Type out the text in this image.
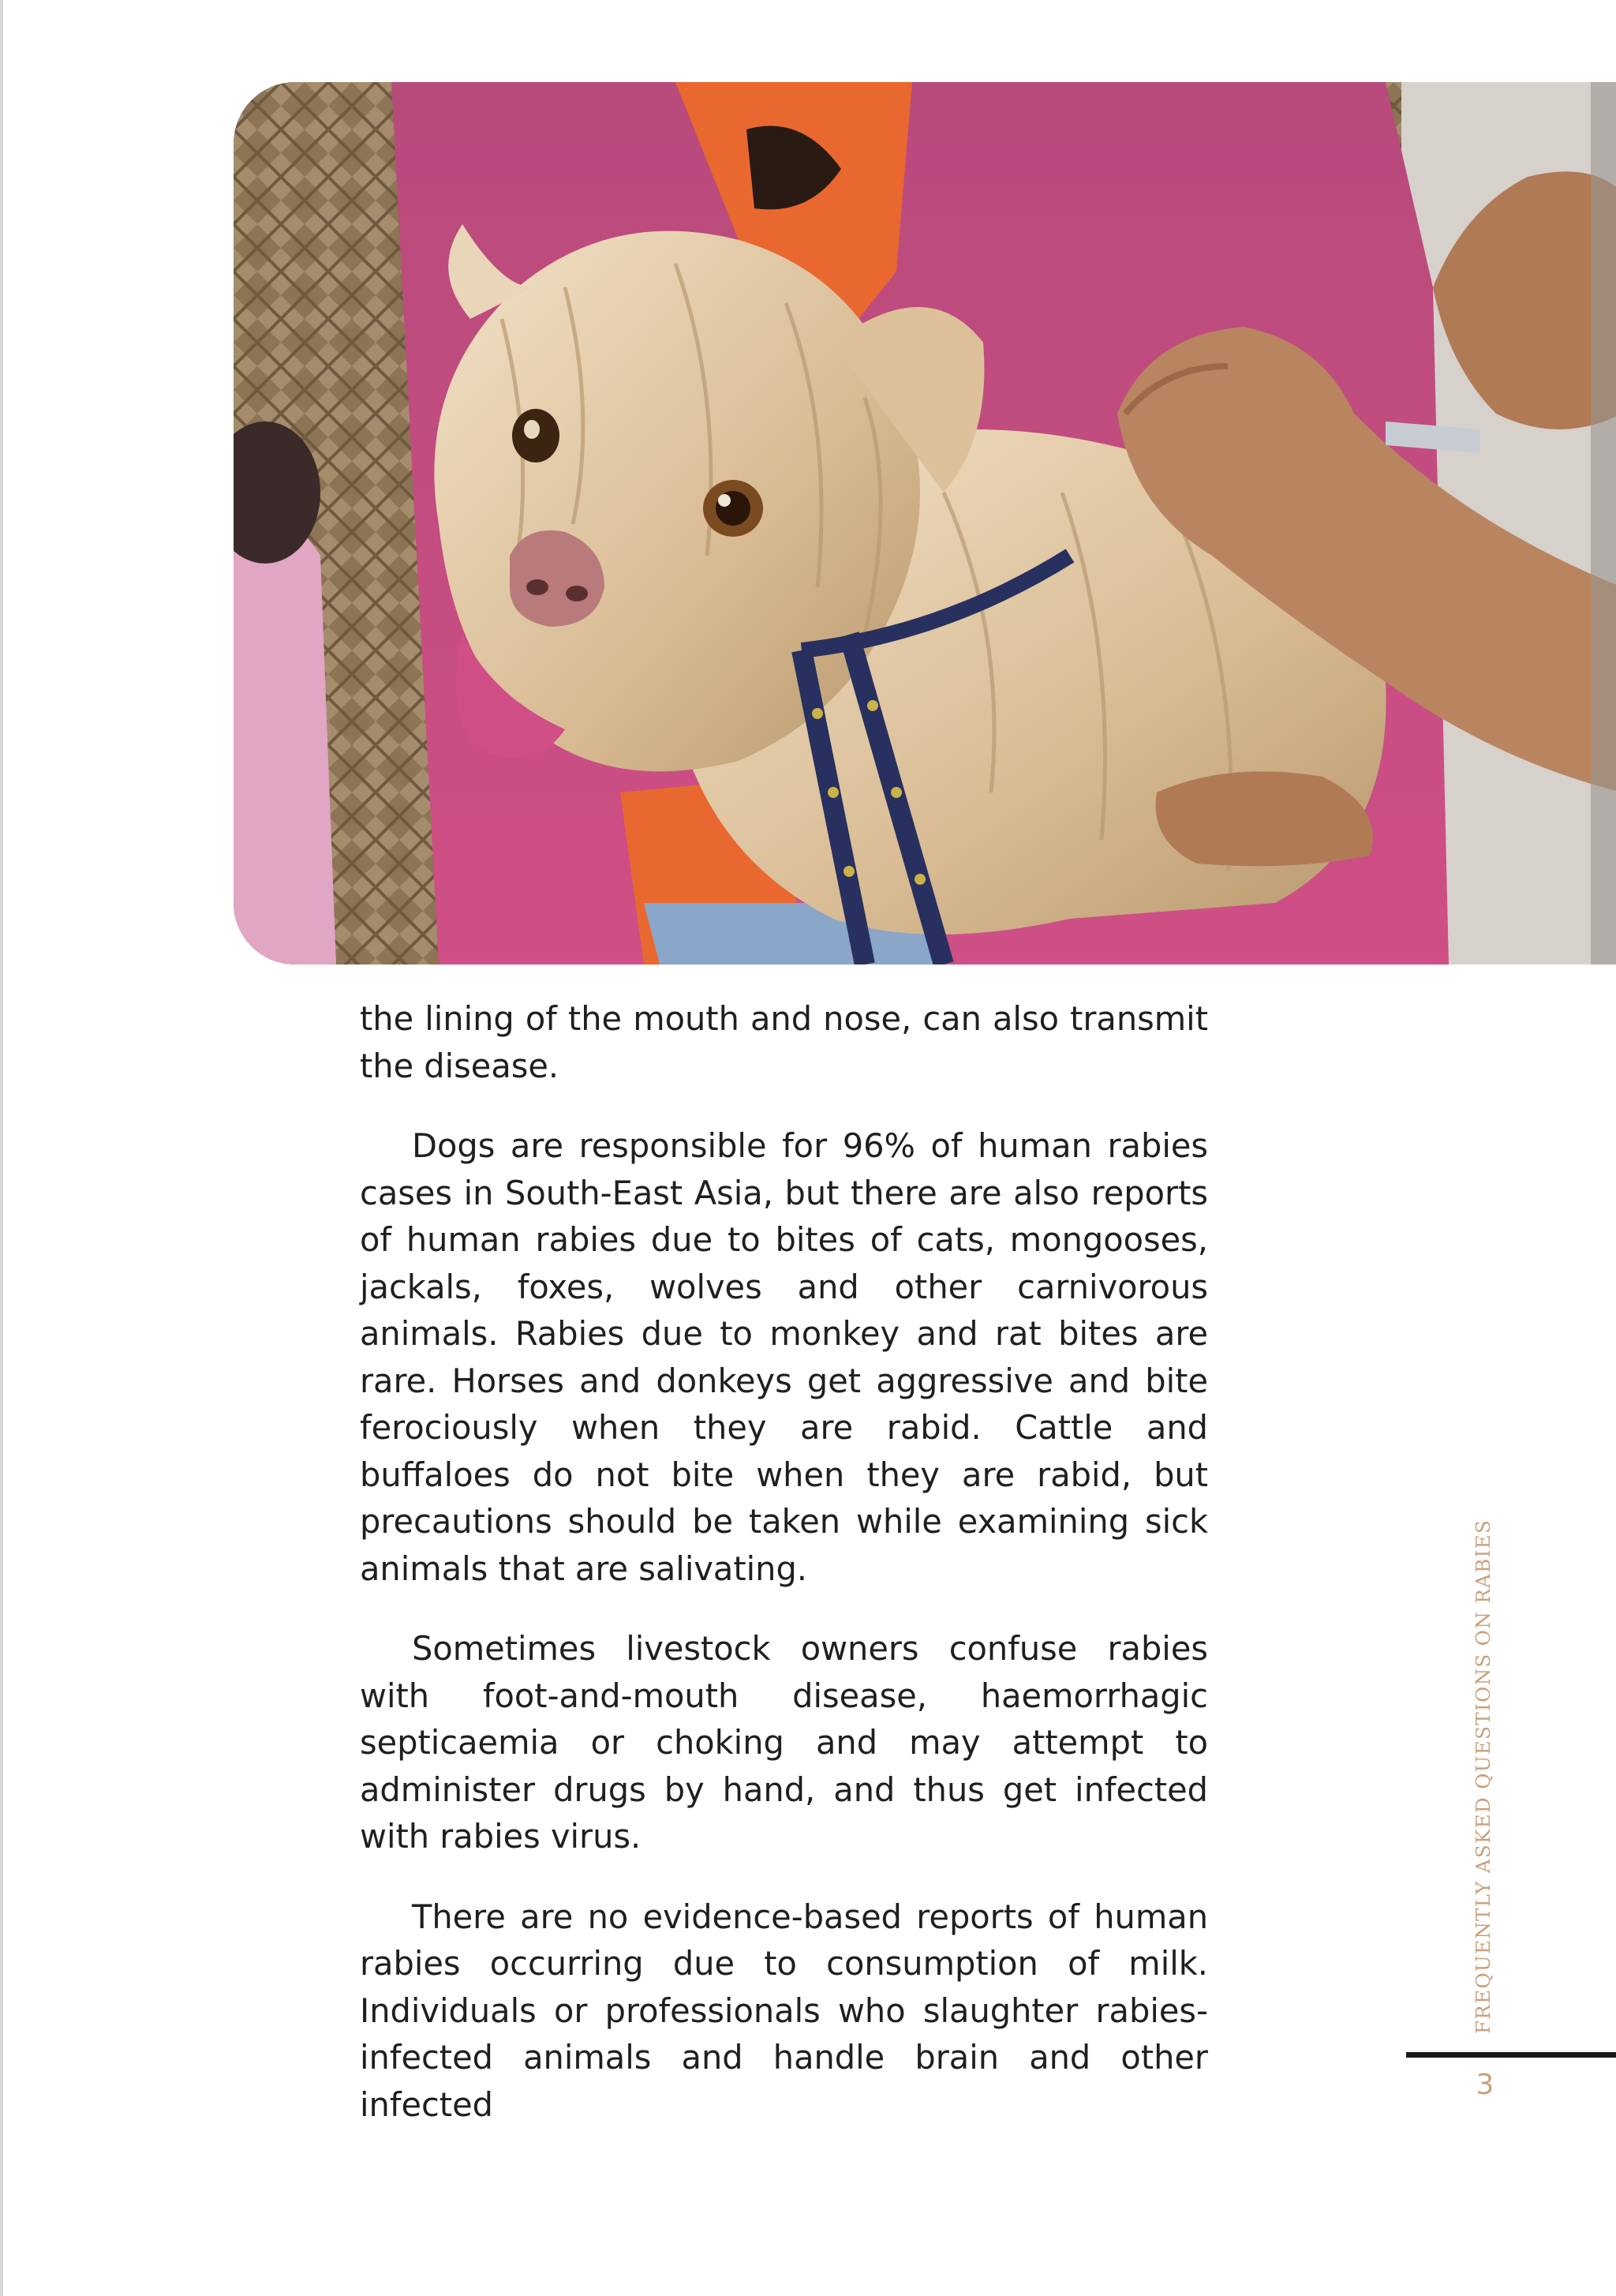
the lining of the mouth and nose, can also transmit the disease.

Dogs are responsible for 96% of human rabies cases in South-East Asia, but there are also reports of human rabies due to bites of cats, mongooses, jackals, foxes, wolves and other carnivorous animals. Rabies due to monkey and rat bites are rare. Horses and donkeys get aggressive and bite ferociously when they are rabid. Cattle and buffaloes do not bite when they are rabid, but precautions should be taken while examining sick animals that are salivating.

Sometimes livestock owners confuse rabies with foot-and-mouth disease, haemorrhagic septicaemia or choking and may attempt to administer drugs by hand, and thus get infected with rabies virus.

There are no evidence-based reports of human rabies occurring due to consumption of milk. Individuals or professionals who slaughter rabies-infected animals and handle brain and other infected

FREQUENTLY ASKED QUESTIONS ON RABIES
3
